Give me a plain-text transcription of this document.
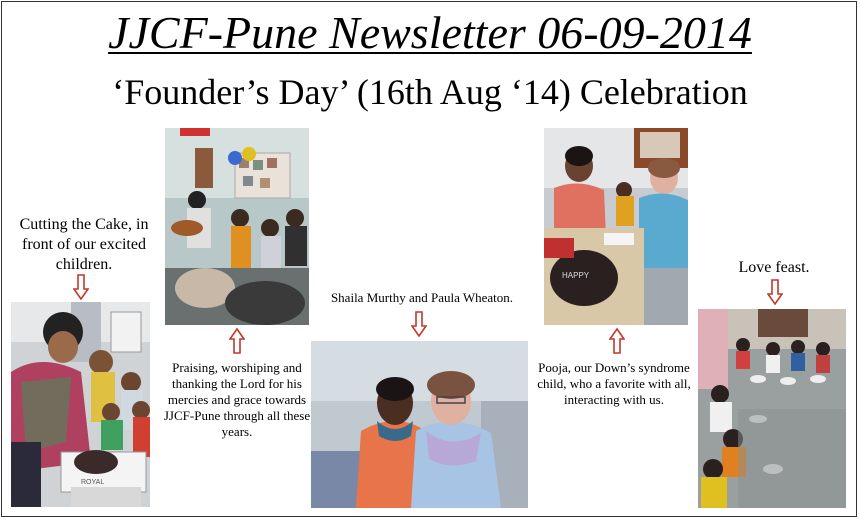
JJCF-Pune Newsletter 06-09-2014
‘Founder’s Day’ (16th Aug ‘14) Celebration
Cutting the Cake, in front of our excited children.
ROYAL
Praising, worshiping and thanking the Lord for his mercies and grace towards JJCF-Pune through all these years.
Shaila Murthy and Paula Wheaton.
HAPPY
Pooja, our Down’s syndrome child, who a favorite with all, interacting with us.
Love feast.
